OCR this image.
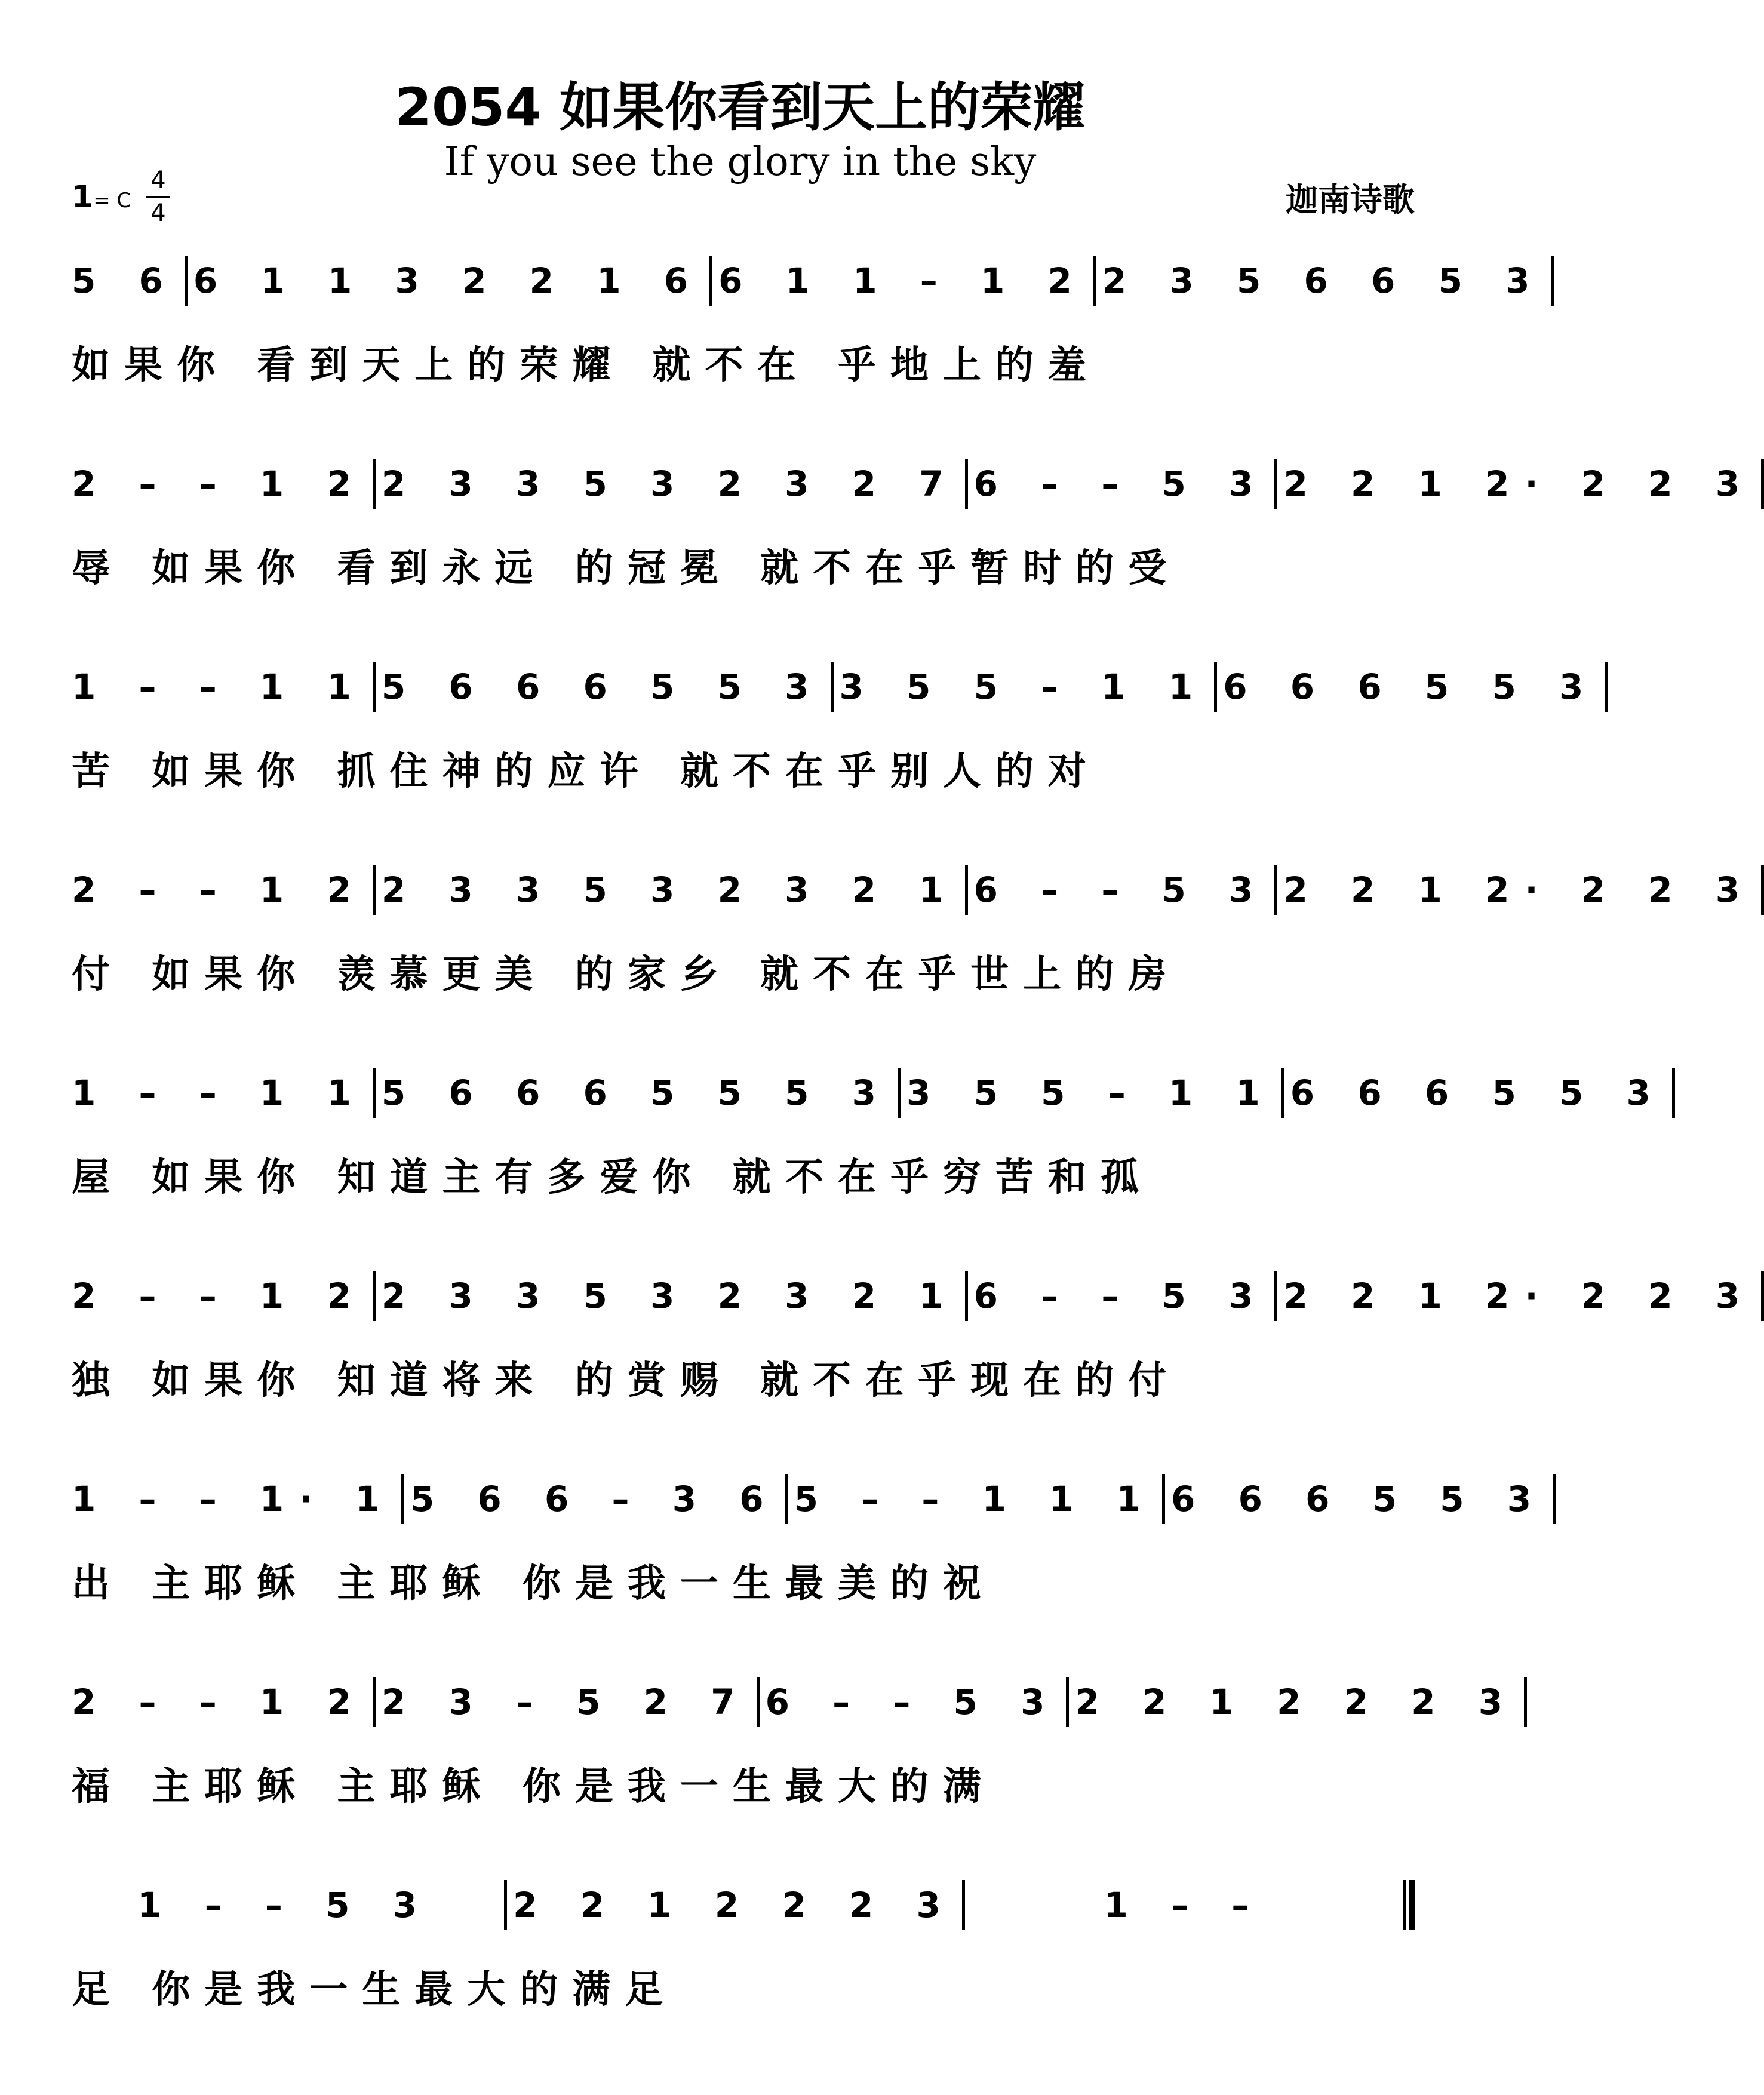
2054 如果你看到天上的荣耀
If you see the glory in the sky
迦南诗歌
1= C
4
4
5 6 6 1 1 3 2 2 1 6 6 1 1 – 1 2 2 3 5 6 6 5 3
如果你 看到天上的荣耀 就不在 乎地上的羞
2 – – 1 2 2 3 3 5 3 2 3 2 7 6 – – 5 3 2 2 1 2· 2 2 3
辱 如果你 看到永远 的冠冕 就不在乎暂时的受
1 – – 1 1 5 6 6 6 5 5 3 3 5 5 – 1 1 6 6 6 5 5 3
苦 如果你 抓住神的应许 就不在乎别人的对
2 – – 1 2 2 3 3 5 3 2 3 2 1 6 – – 5 3 2 2 1 2· 2 2 3
付 如果你 羡慕更美 的家乡 就不在乎世上的房
1 – – 1 1 5 6 6 6 5 5 5 3 3 5 5 – 1 1 6 6 6 5 5 3
屋 如果你 知道主有多爱你 就不在乎穷苦和孤
2 – – 1 2 2 3 3 5 3 2 3 2 1 6 – – 5 3 2 2 1 2· 2 2 3
独 如果你 知道将来 的赏赐 就不在乎现在的付
1 – – 1· 1 5 6 6 – 3 6 5 – – 1 1 1 6 6 6 5 5 3
出 主耶稣 主耶稣 你是我一生最美的祝
2 – – 1 2 2 3 – 5 2 7 6 – – 5 3 2 2 1 2 2 2 3
福 主耶稣 主耶稣 你是我一生最大的满
1 – – 5 3	2 2 1 2 2 2 3	1 – –
足 你是我一生最大的满足
